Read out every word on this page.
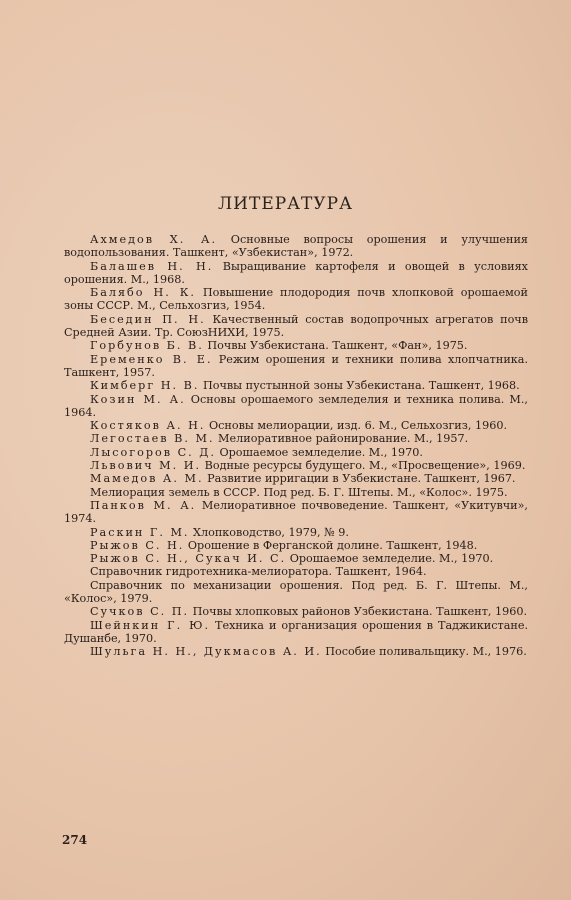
ЛИТЕРАТУРА

Ахмедов Х. А. Основные вопросы орошения и улучшения водопользования. Ташкент, «Узбекистан», 1972.

Балашев Н. Н. Выращивание картофеля и овощей в условиях орошения. М., 1968.

Балябо Н. К. Повышение плодородия почв хлопковой орошаемой зоны СССР. М., Сельхозгиз, 1954.

Беседин П. Н. Качественный состав водопрочных агрегатов почв Средней Азии. Тр. СоюзНИХИ, 1975.

Горбунов Б. В. Почвы Узбекистана. Ташкент, «Фан», 1975.

Еременко В. Е. Режим орошения и техники полива хлопчатника. Ташкент, 1957.

Кимберг Н. В. Почвы пустынной зоны Узбекистана. Ташкент, 1968.

Козин М. А. Основы орошаемого земледелия и техника полива. М., 1964.

Костяков А. Н. Основы мелиорации, изд. 6. М., Сельхозгиз, 1960.

Легостаев В. М. Мелиоративное районирование. М., 1957.

Лысогоров С. Д. Орошаемое земледелие. М., 1970.

Львович М. И. Водные ресурсы будущего. М., «Просвещение», 1969.

Мамедов А. М. Развитие ирригации в Узбекистане. Ташкент, 1967.

Мелиорация земель в СССР. Под ред. Б. Г. Штепы. М., «Колос». 1975.

Панков М. А. Мелиоративное почвоведение. Ташкент, «Укитувчи», 1974.

Раскин Г. М. Хлопководство, 1979, № 9.

Рыжов С. Н. Орошение в Ферганской долине. Ташкент, 1948.

Рыжов С. Н., Сукач И. С. Орошаемое земледелие. М., 1970.

Справочник гидротехника-мелиоратора. Ташкент, 1964.

Справочник по механизации орошения. Под ред. Б. Г. Штепы. М., «Колос», 1979.

Сучков С. П. Почвы хлопковых районов Узбекистана. Ташкент, 1960.

Шейнкин Г. Ю. Техника и организация орошения в Таджикистане. Душанбе, 1970.

Шульга Н. Н., Дукмасов А. И. Пособие поливальщику. М., 1976.

274
